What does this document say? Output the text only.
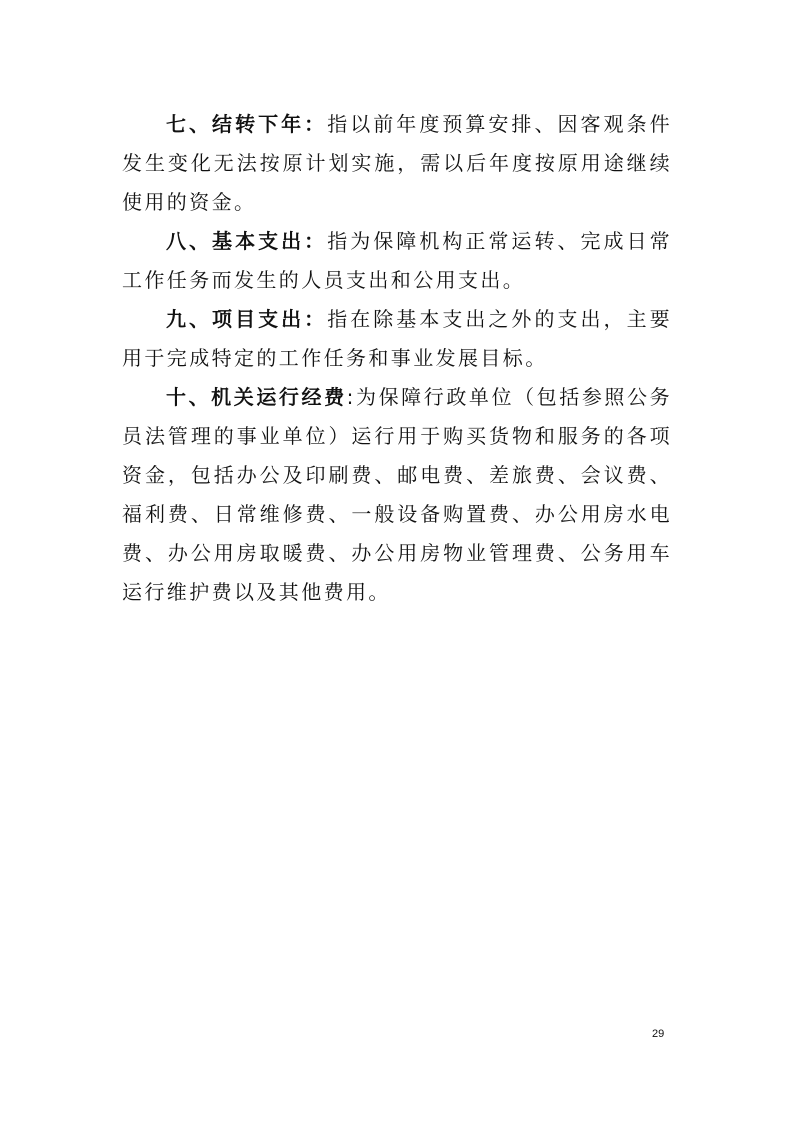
七、结转下年：指以前年度预算安排、因客观条件发生变化无法按原计划实施，需以后年度按原用途继续使用的资金。

八、基本支出：指为保障机构正常运转、完成日常工作任务而发生的人员支出和公用支出。

九、项目支出：指在除基本支出之外的支出，主要用于完成特定的工作任务和事业发展目标。

十、机关运行经费:为保障行政单位（包括参照公务员法管理的事业单位）运行用于购买货物和服务的各项资金，包括办公及印刷费、邮电费、差旅费、会议费、福利费、日常维修费、一般设备购置费、办公用房水电费、办公用房取暖费、办公用房物业管理费、公务用车运行维护费以及其他费用。

29
